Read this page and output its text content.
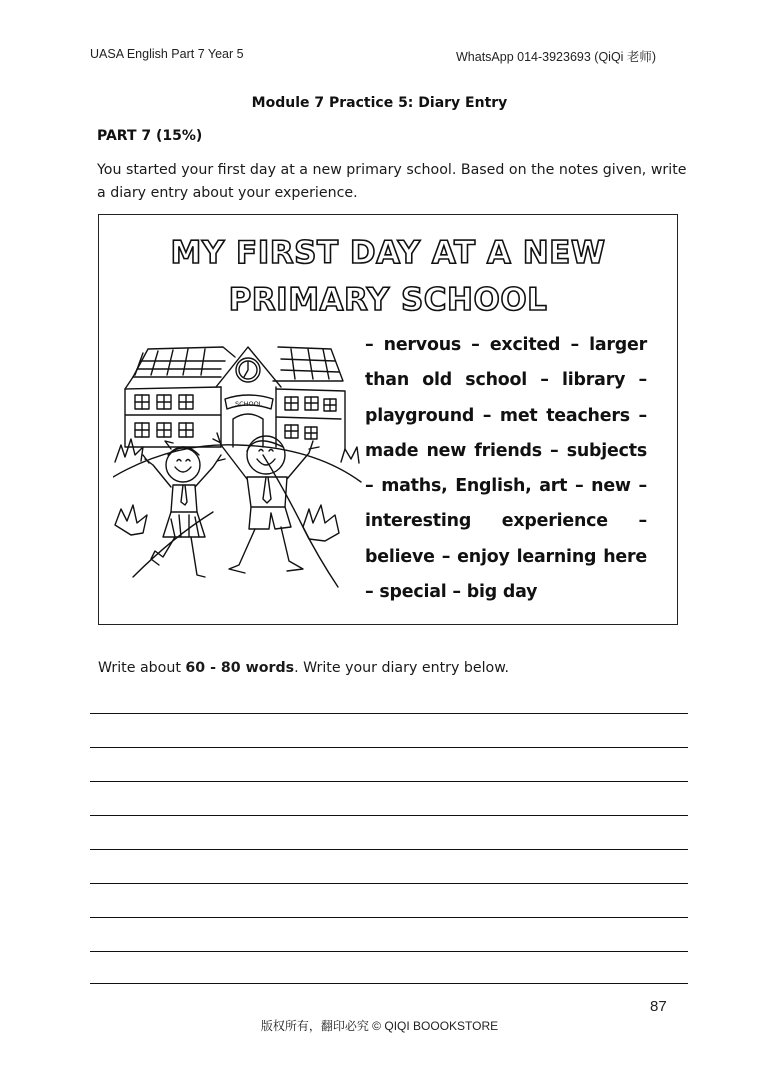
UASA English Part 7 Year 5	WhatsApp 014-3923693 (QiQi 老师)
Module 7 Practice 5: Diary Entry
PART 7 (15%)
You started your first day at a new primary school. Based on the notes given, write a diary entry about your experience.
MY FIRST DAY AT A NEW
PRIMARY SCHOOL
SCHOOL
– nervous – excited – larger than old school – library – playground – met teachers – made new friends – subjects – maths, English, art – new – interesting experience – believe – enjoy learning here – special – big day
Write about 60 - 80 words. Write your diary entry below.
87
版权所有，翻印必究 © QIQI BOOOKSTORE
